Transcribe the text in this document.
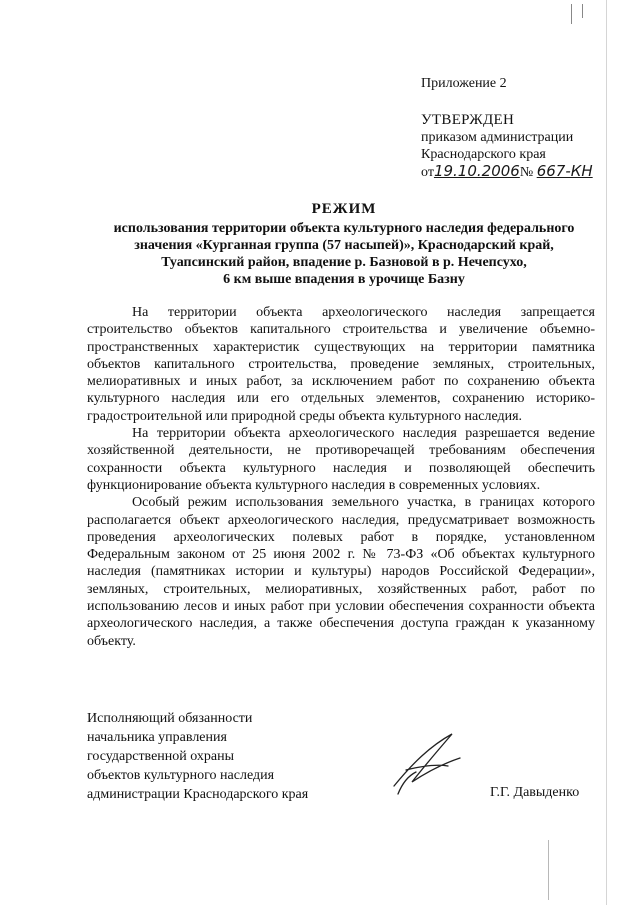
Приложение 2
УТВЕРЖДЕН
приказом администрации
Краснодарского края
от19.10.2006№ 667-КН
РЕЖИМ
использования территории объекта культурного наследия федерального
значения «Курганная группа (57 насыпей)», Краснодарский край,
Туапсинский район, впадение р. Базновой в р. Нечепсухо,
6 км выше впадения в урочище Базну

На территории объекта археологического наследия запрещается строительство объектов капитального строительства и увеличение объемно-пространственных характеристик существующих на территории памятника объектов капитального строительства, проведение земляных, строительных, мелиоративных и иных работ, за исключением работ по сохранению объекта культурного наследия или его отдельных элементов, сохранению историко-градостроительной или природной среды объекта культурного наследия.

На территории объекта археологического наследия разрешается ведение хозяйственной деятельности, не противоречащей требованиям обеспечения сохранности объекта культурного наследия и позволяющей обеспечить функционирование объекта культурного наследия в современных условиях.

Особый режим использования земельного участка, в границах которого располагается объект археологического наследия, предусматривает возможность проведения археологических полевых работ в порядке, установленном Федеральным законом от 25 июня 2002 г. № 73-ФЗ «Об объектах культурного наследия (памятниках истории и культуры) народов Российской Федерации», земляных, строительных, мелиоративных, хозяйственных работ, работ по использованию лесов и иных работ при условии обеспечения сохранности объекта археологического наследия, а также обеспечения доступа граждан к указанному объекту.

Исполняющий обязанности
начальника управления
государственной охраны
объектов культурного наследия
администрации Краснодарского края	Г.Г. Давыденко
